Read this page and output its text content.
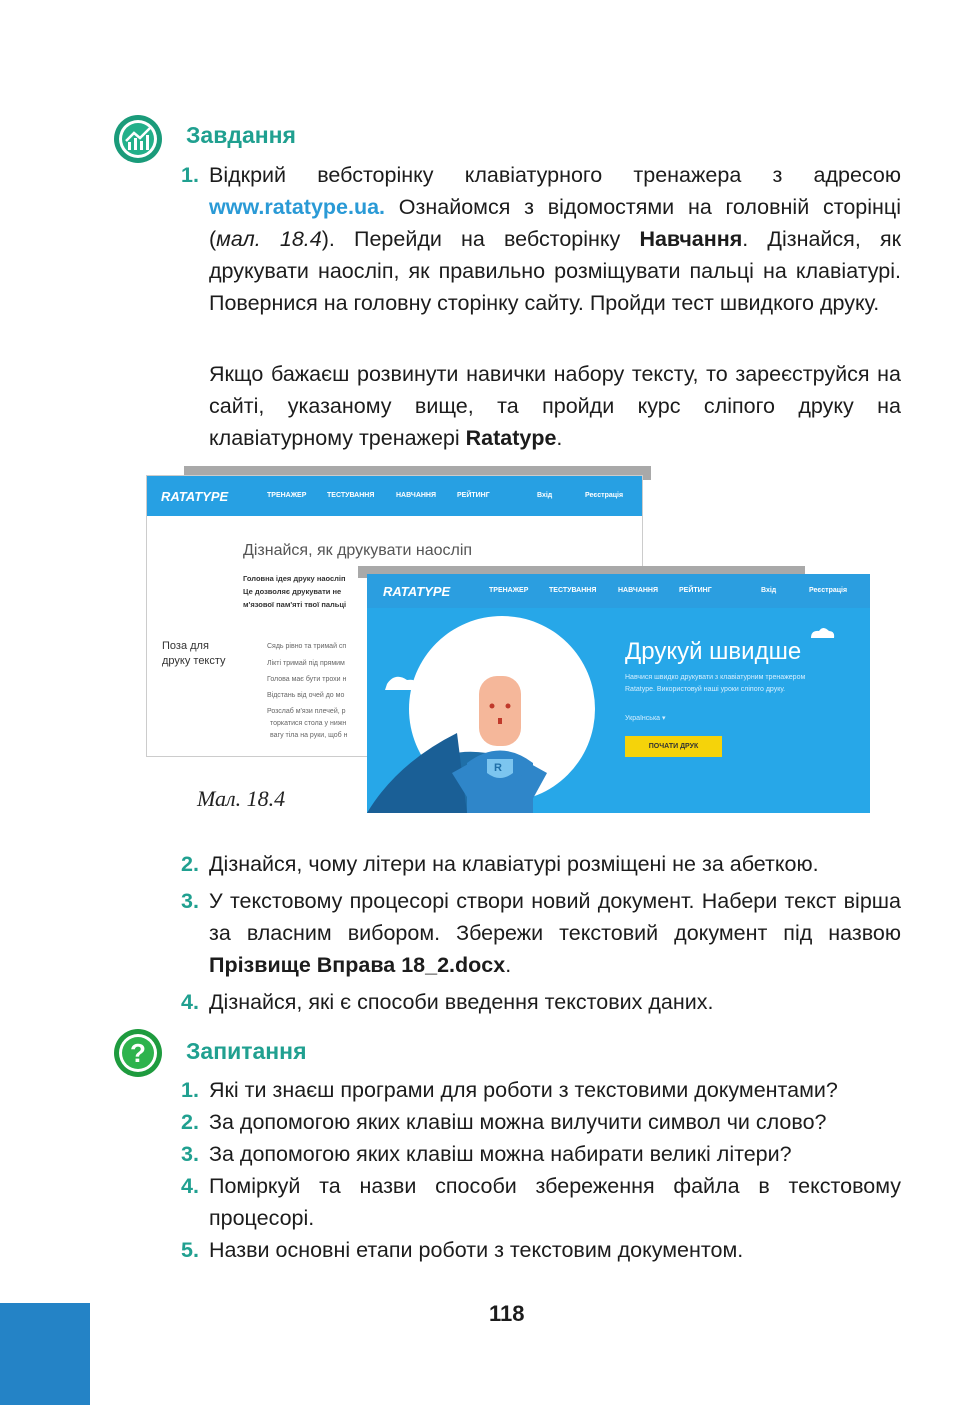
Завдання
1. Відкрий вебсторінку клавіатурного тренажера з адресою www.ratatype.ua. Ознайомся з відомостями на головній сторінці (мал. 18.4). Перейди на вебсторінку Навчання. Дізнайся, як друкувати наосліп, як правильно розміщувати пальці на клавіатурі. Повернися на головну сторінку сайту. Пройди тест швидкого друку.
Якщо бажаєш розвинути навички набору тексту, то зареєструйся на сайті, указаному вище, та пройди курс сліпого друку на клавіатурному тренажері Ratatype.
RATATYPE	ТРЕНАЖЕР	ТЕСТУВАННЯ	НАВЧАННЯ	РЕЙТИНГ	Вхід	Реєстрація
Дізнайся, як друкувати наосліп
Головна ідея друку наосліп
Це дозволяє друкувати не
м'язової пам'яті твої пальці
Поза для
друку тексту
Сядь рівно та тримай сп
Лікті тримай під прямим
Голова має бути трохи н
Відстань від очей до мо
Розслаб м'язи плечей, р
торкатися стола у нижн
вагу тіла на руки, щоб н
RATATYPE	ТРЕНАЖЕР	ТЕСТУВАННЯ	НАВЧАННЯ	РЕЙТИНГ	Вхід	Реєстрація
R
Друкуй швидше
Навчися швидко друкувати з клавіатурним тренажером
Ratatype. Використовуй наші уроки сліпого друку.
Українська ▾
ПОЧАТИ ДРУК
Мал. 18.4
2. Дізнайся, чому літери на клавіатурі розміщені не за абеткою.
3. У текстовому процесорі створи новий документ. Набери текст вірша за власним вибором. Збережи текстовий документ під назвою Прізвище Вправа 18_2.docx.
4. Дізнайся, які є способи введення текстових даних.
? Запитання
1. Які ти знаєш програми для роботи з текстовими документами?
2. За допомогою яких клавіш можна вилучити символ чи слово?
3. За допомогою яких клавіш можна набирати великі літери?
4. Поміркуй та назви способи збереження файла в текстовому процесорі.
5. Назви основні етапи роботи з текстовим документом.
118
